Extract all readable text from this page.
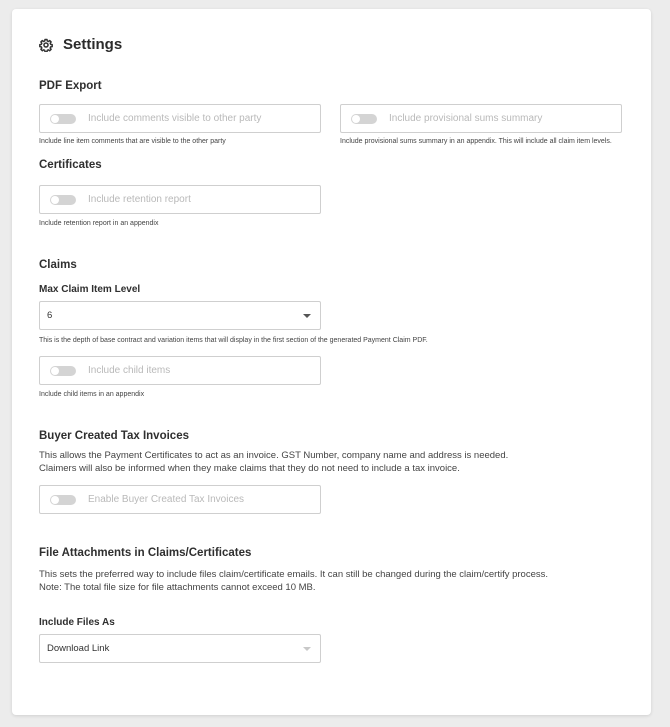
Settings
PDF Export
Include comments visible to other party
Include line item comments that are visible to the other party
Include provisional sums summary
Include provisional sums summary in an appendix. This will include all claim item levels.
Certificates
Include retention report
Include retention report in an appendix
Claims
Max Claim Item Level
6
This is the depth of base contract and variation items that will display in the first section of the generated Payment Claim PDF.
Include child items
Include child items in an appendix
Buyer Created Tax Invoices
This allows the Payment Certificates to act as an invoice. GST Number, company name and address is needed.
Claimers will also be informed when they make claims that they do not need to include a tax invoice.
Enable Buyer Created Tax Invoices
File Attachments in Claims/Certificates
This sets the preferred way to include files claim/certificate emails. It can still be changed during the claim/certify process.
Note: The total file size for file attachments cannot exceed 10 MB.
Include Files As
Download Link
